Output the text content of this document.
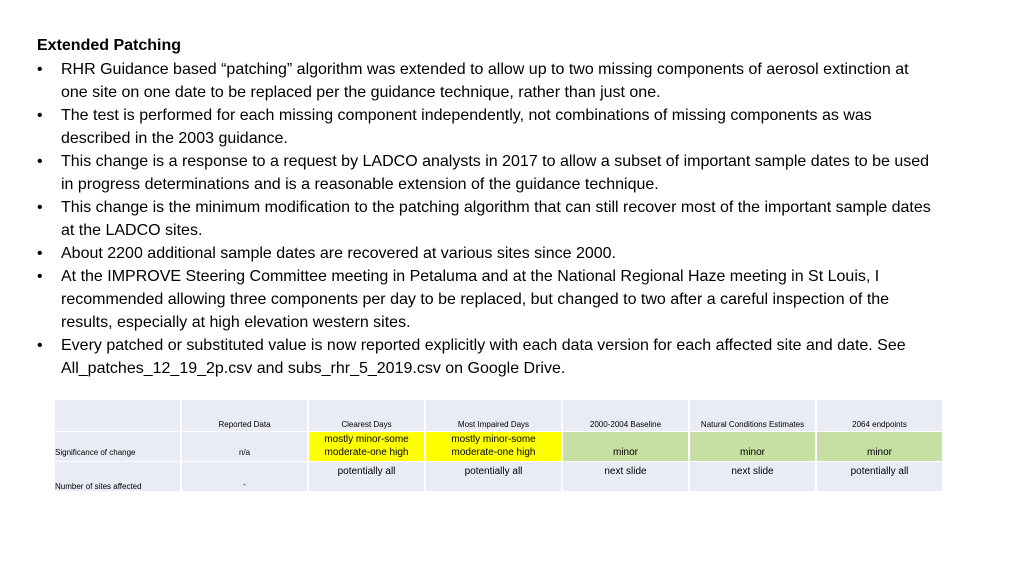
Extended Patching
• RHR Guidance based “patching” algorithm was extended to allow up to two missing components of aerosol extinction at one site on one date to be replaced per the guidance technique, rather than just one.
• The test is performed for each missing component independently, not combinations of missing components as was described in the 2003 guidance.
• This change is a response to a request by LADCO analysts in 2017 to allow a subset of important sample dates to be used in progress determinations and is a reasonable extension of the guidance technique.
• This change is the minimum modification to the patching algorithm that can still recover most of the important sample dates at the LADCO sites.
• About 2200 additional sample dates are recovered at various sites since 2000.
• At the IMPROVE Steering Committee meeting in Petaluma and at the National Regional Haze meeting in St Louis, I recommended allowing three components per day to be replaced, but changed to two after a careful inspection of the results, especially at high elevation western sites.
• Every patched or substituted value is now reported explicitly with each data version for each affected site and date. See All_patches_12_19_2p.csv and subs_rhr_5_2019.csv on Google Drive.
	Reported Data	Clearest Days	Most Impaired Days	2000-2004 Baseline	Natural Conditions Estimates	2064 endpoints
Significance of change	n/a	mostly minor-some moderate-one high	mostly minor-some moderate-one high	minor	minor	minor
Number of sites affected	-	potentially all	potentially all	next slide	next slide	potentially all
